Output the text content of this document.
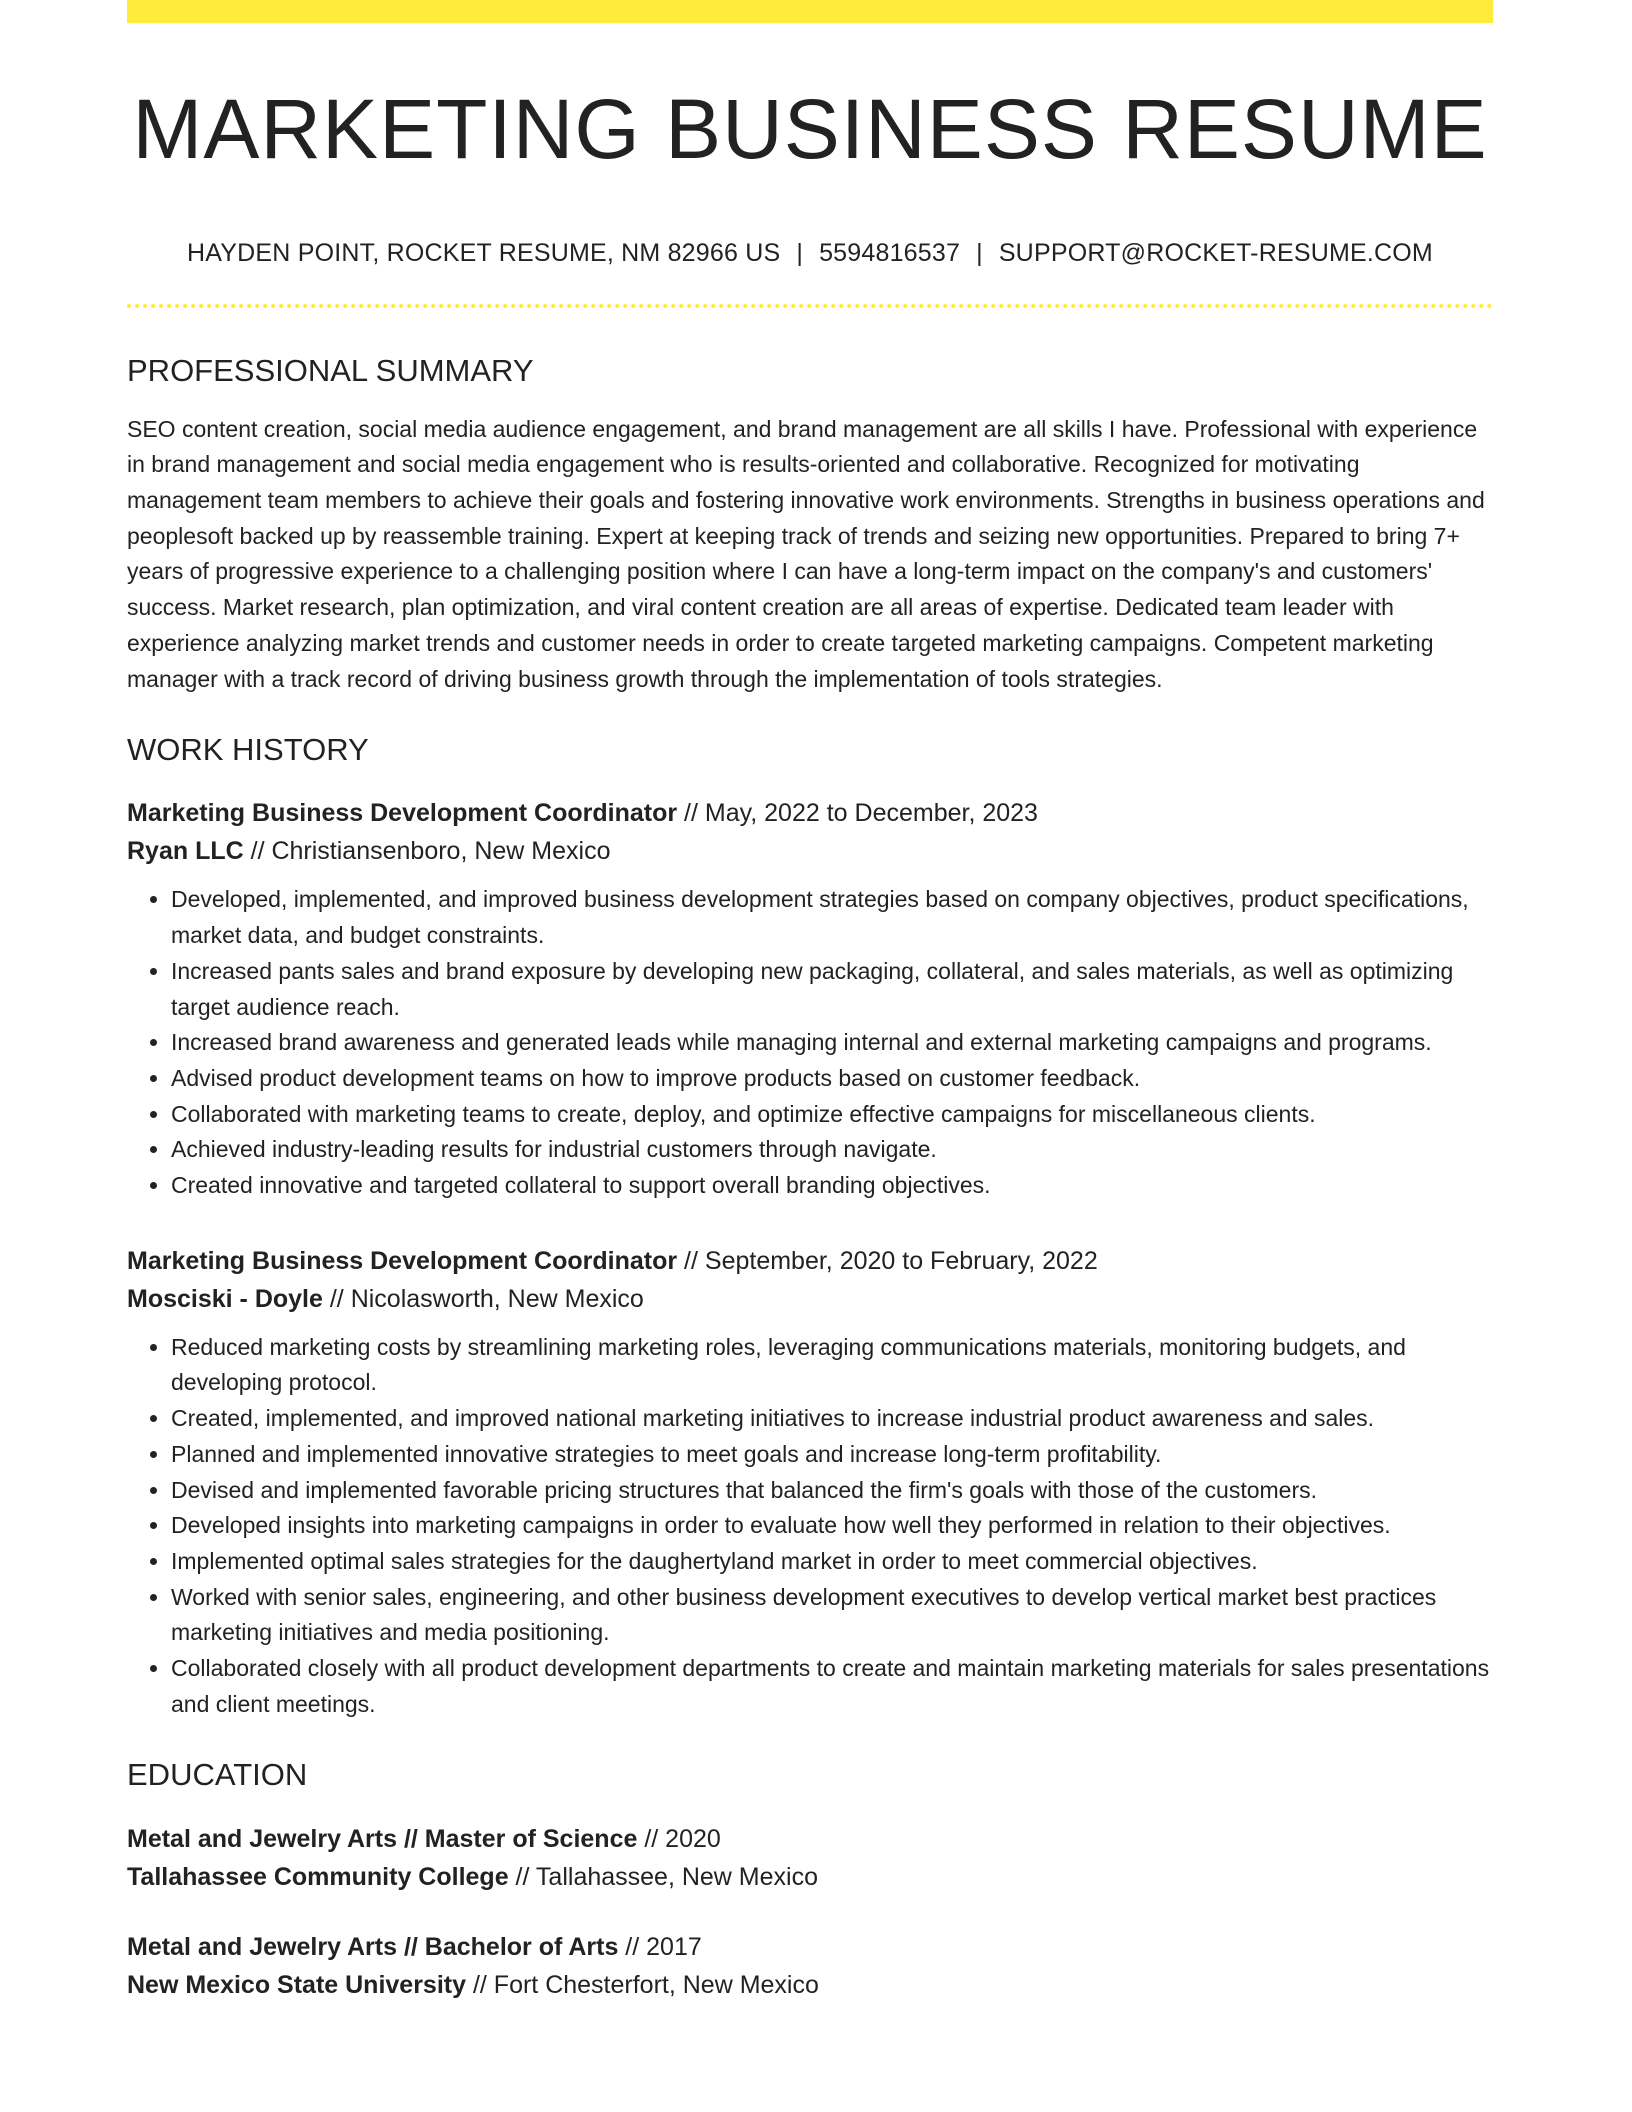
MARKETING BUSINESS RESUME
HAYDEN POINT, ROCKET RESUME, NM 82966 US | 5594816537 | SUPPORT@ROCKET-RESUME.COM
PROFESSIONAL SUMMARY

SEO content creation, social media audience engagement, and brand management are all skills I have. Professional with experience in brand management and social media engagement who is results-oriented and collaborative. Recognized for motivating management team members to achieve their goals and fostering innovative work environments. Strengths in business operations and peoplesoft backed up by reassemble training. Expert at keeping track of trends and seizing new opportunities. Prepared to bring 7+ years of progressive experience to a challenging position where I can have a long-term impact on the company's and customers' success. Market research, plan optimization, and viral content creation are all areas of expertise. Dedicated team leader with experience analyzing market trends and customer needs in order to create targeted marketing campaigns. Competent marketing manager with a track record of driving business growth through the implementation of tools strategies.

WORK HISTORY
Marketing Business Development Coordinator // May, 2022 to December, 2023
Ryan LLC // Christiansenboro, New Mexico
• Developed, implemented, and improved business development strategies based on company objectives, product specifications, market data, and budget constraints.
• Increased pants sales and brand exposure by developing new packaging, collateral, and sales materials, as well as optimizing target audience reach.
• Increased brand awareness and generated leads while managing internal and external marketing campaigns and programs.
• Advised product development teams on how to improve products based on customer feedback.
• Collaborated with marketing teams to create, deploy, and optimize effective campaigns for miscellaneous clients.
• Achieved industry-leading results for industrial customers through navigate.
• Created innovative and targeted collateral to support overall branding objectives.
Marketing Business Development Coordinator // September, 2020 to February, 2022
Mosciski - Doyle // Nicolasworth, New Mexico
• Reduced marketing costs by streamlining marketing roles, leveraging communications materials, monitoring budgets, and developing protocol.
• Created, implemented, and improved national marketing initiatives to increase industrial product awareness and sales.
• Planned and implemented innovative strategies to meet goals and increase long-term profitability.
• Devised and implemented favorable pricing structures that balanced the firm's goals with those of the customers.
• Developed insights into marketing campaigns in order to evaluate how well they performed in relation to their objectives.
• Implemented optimal sales strategies for the daughertyland market in order to meet commercial objectives.
• Worked with senior sales, engineering, and other business development executives to develop vertical market best practices marketing initiatives and media positioning.
• Collaborated closely with all product development departments to create and maintain marketing materials for sales presentations and client meetings.
EDUCATION
Metal and Jewelry Arts // Master of Science // 2020
Tallahassee Community College // Tallahassee, New Mexico
Metal and Jewelry Arts // Bachelor of Arts // 2017
New Mexico State University // Fort Chesterfort, New Mexico
